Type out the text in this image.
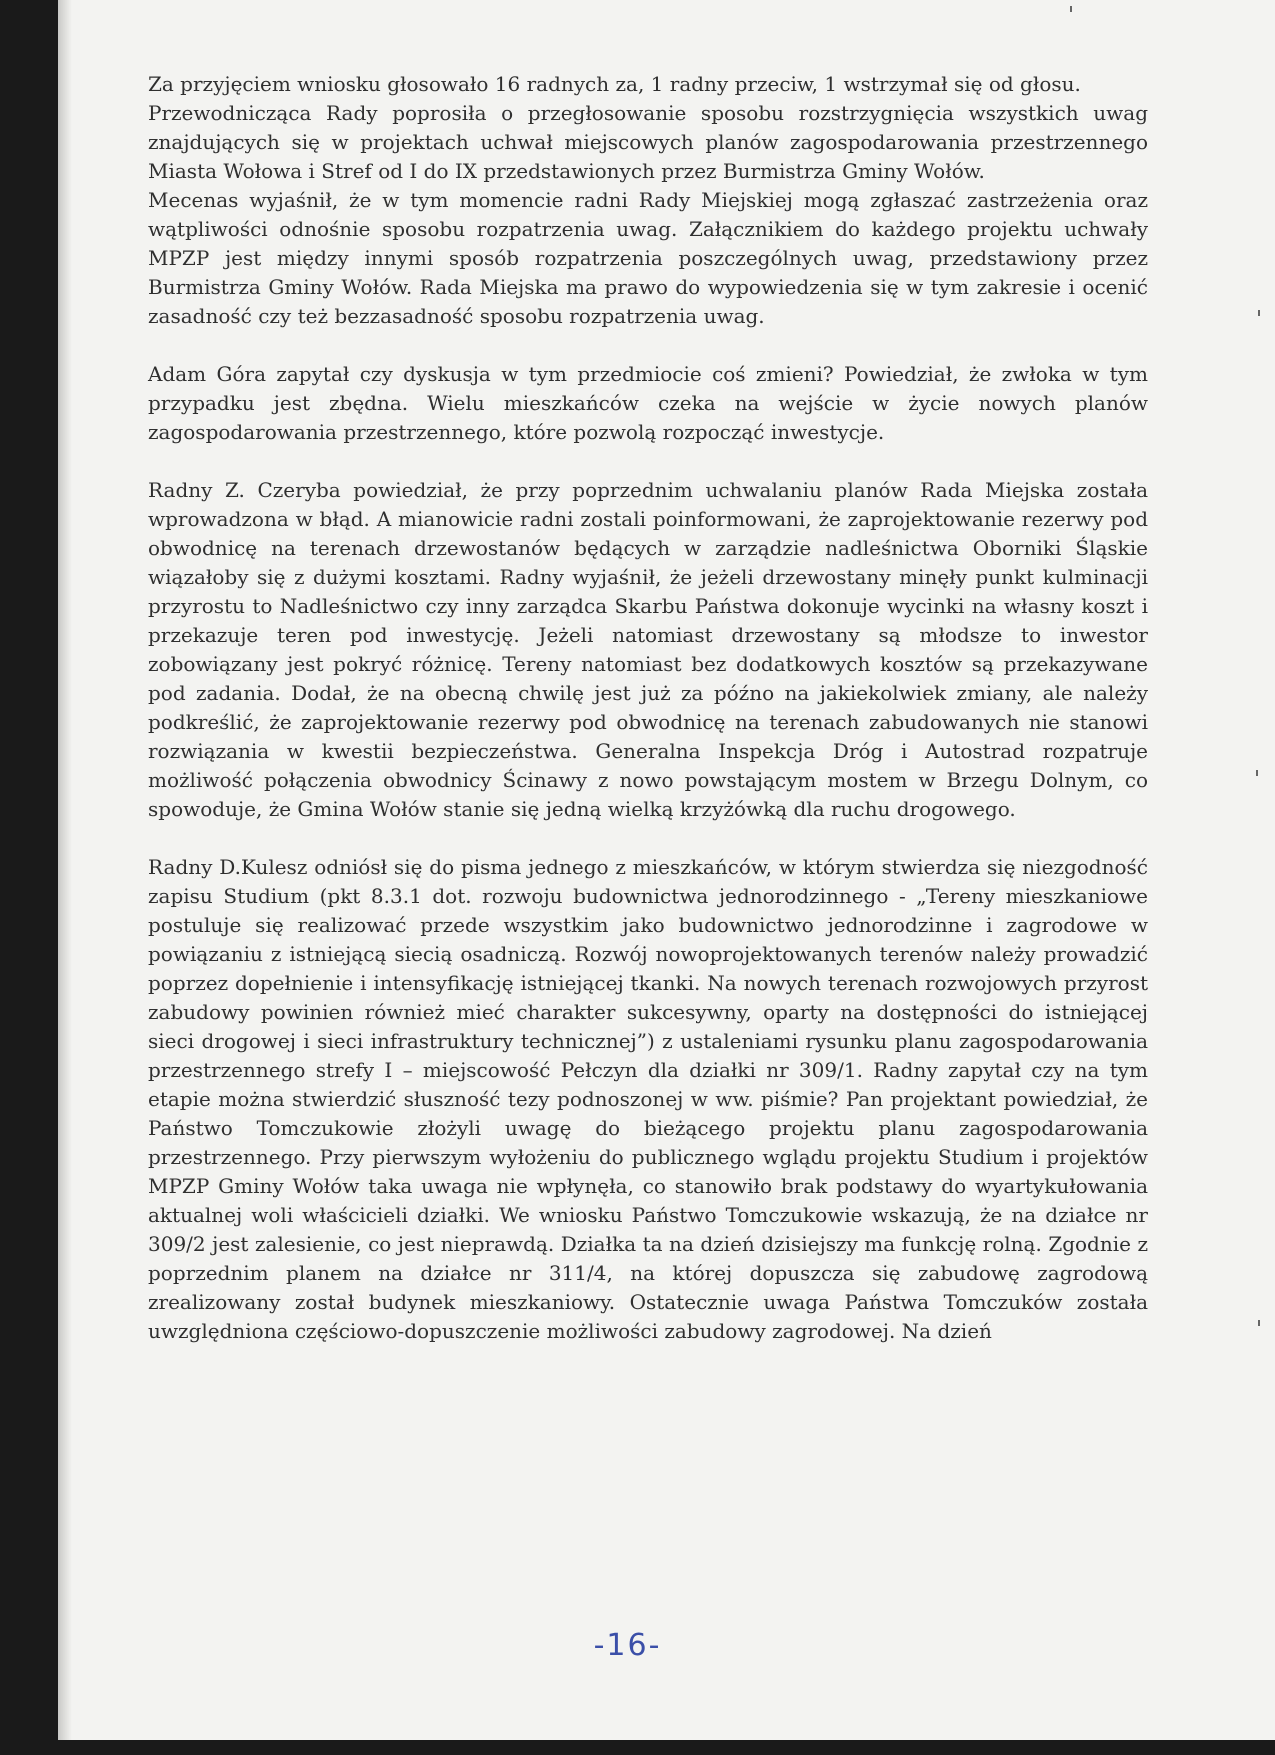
Za przyjęciem wniosku głosowało 16 radnych za, 1 radny przeciw, 1 wstrzymał się od głosu.

Przewodnicząca Rady poprosiła o przegłosowanie sposobu rozstrzygnięcia wszystkich uwag znajdujących się w projektach uchwał miejscowych planów zagospodarowania przestrzennego Miasta Wołowa i Stref od I do IX przedstawionych przez Burmistrza Gminy Wołów.

Mecenas wyjaśnił, że w tym momencie radni Rady Miejskiej mogą zgłaszać zastrzeżenia oraz wątpliwości odnośnie sposobu rozpatrzenia uwag. Załącznikiem do każdego projektu uchwały MPZP jest między innymi sposób rozpatrzenia poszczególnych uwag, przedstawiony przez Burmistrza Gminy Wołów. Rada Miejska ma prawo do wypowiedzenia się w tym zakresie i ocenić zasadność czy też bezzasadność sposobu rozpatrzenia uwag.

Adam Góra zapytał czy dyskusja w tym przedmiocie coś zmieni? Powiedział, że zwłoka w tym przypadku jest zbędna. Wielu mieszkańców czeka na wejście w życie nowych planów zagospodarowania przestrzennego, które pozwolą rozpocząć inwestycje.

Radny Z. Czeryba powiedział, że przy poprzednim uchwalaniu planów Rada Miejska została wprowadzona w błąd. A mianowicie radni zostali poinformowani, że zaprojektowanie rezerwy pod obwodnicę na terenach drzewostanów będących w zarządzie nadleśnictwa Oborniki Śląskie wiązałoby się z dużymi kosztami. Radny wyjaśnił, że jeżeli drzewostany minęły punkt kulminacji przyrostu to Nadleśnictwo czy inny zarządca Skarbu Państwa dokonuje wycinki na własny koszt i przekazuje teren pod inwestycję. Jeżeli natomiast drzewostany są młodsze to inwestor zobowiązany jest pokryć różnicę. Tereny natomiast bez dodatkowych kosztów są przekazywane pod zadania. Dodał, że na obecną chwilę jest już za późno na jakiekolwiek zmiany, ale należy podkreślić, że zaprojektowanie rezerwy pod obwodnicę na terenach zabudowanych nie stanowi rozwiązania w kwestii bezpieczeństwa. Generalna Inspekcja Dróg i Autostrad rozpatruje możliwość połączenia obwodnicy Ścinawy z nowo powstającym mostem w Brzegu Dolnym, co spowoduje, że Gmina Wołów stanie się jedną wielką krzyżówką dla ruchu drogowego.

Radny D.Kulesz odniósł się do pisma jednego z mieszkańców, w którym stwierdza się niezgodność zapisu Studium (pkt 8.3.1 dot. rozwoju budownictwa jednorodzinnego - „Tereny mieszkaniowe postuluje się realizować przede wszystkim jako budownictwo jednorodzinne i zagrodowe w powiązaniu z istniejącą siecią osadniczą. Rozwój nowoprojektowanych terenów należy prowadzić poprzez dopełnienie i intensyfikację istniejącej tkanki. Na nowych terenach rozwojowych przyrost zabudowy powinien również mieć charakter sukcesywny, oparty na dostępności do istniejącej sieci drogowej i sieci infrastruktury technicznej”) z ustaleniami rysunku planu zagospodarowania przestrzennego strefy I – miejscowość Pełczyn dla działki nr 309/1. Radny zapytał czy na tym etapie można stwierdzić słuszność tezy podnoszonej w ww. piśmie? Pan projektant powiedział, że Państwo Tomczukowie złożyli uwagę do bieżącego projektu planu zagospodarowania przestrzennego. Przy pierwszym wyłożeniu do publicznego wglądu projektu Studium i projektów MPZP Gminy Wołów taka uwaga nie wpłynęła, co stanowiło brak podstawy do wyartykułowania aktualnej woli właścicieli działki. We wniosku Państwo Tomczukowie wskazują, że na działce nr 309/2 jest zalesienie, co jest nieprawdą. Działka ta na dzień dzisiejszy ma funkcję rolną. Zgodnie z poprzednim planem na działce nr 311/4, na której dopuszcza się zabudowę zagrodową zrealizowany został budynek mieszkaniowy. Ostatecznie uwaga Państwa Tomczuków została uwzględniona częściowo-dopuszczenie możliwości zabudowy zagrodowej. Na dzień

-16-
